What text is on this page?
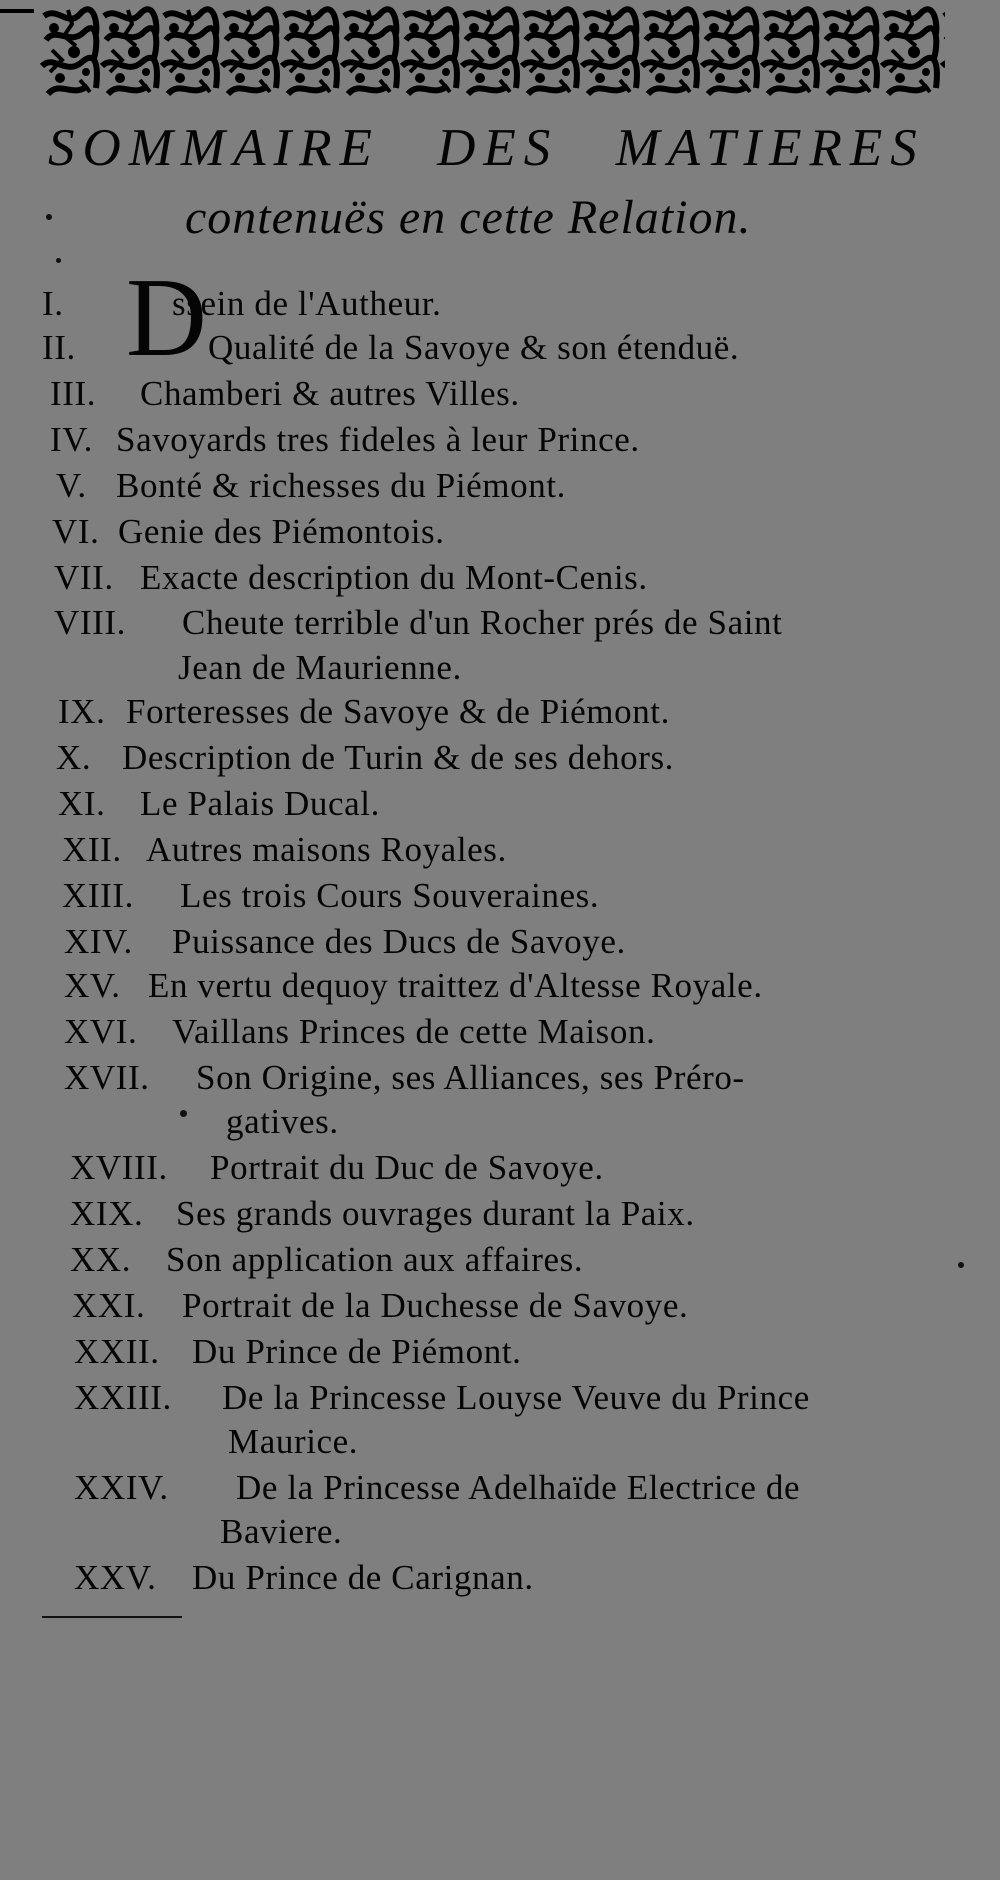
SOMMAIRE DES MATIERES
contenuës en cette Relation.
D
I.	ssein de l'Autheur.
II.	Qualité de la Savoye & son étenduë.
III. Chamberi & autres Villes.
IV. Savoyards tres fideles à leur Prince.
V. Bonté & richesses du Piémont.
VI. Genie des Piémontois.
VII. Exacte description du Mont-Cenis.
VIII. Cheute terrible d'un Rocher prés de Saint
Jean de Maurienne.
IX. Forteresses de Savoye & de Piémont.
X. Description de Turin & de ses dehors.
XI. Le Palais Ducal.
XII. Autres maisons Royales.
XIII. Les trois Cours Souveraines.
XIV. Puissance des Ducs de Savoye.
XV. En vertu dequoy traittez d'Altesse Royale.
XVI. Vaillans Princes de cette Maison.
XVII. Son Origine, ses Alliances, ses Préro-
gatives.
XVIII. Portrait du Duc de Savoye.
XIX. Ses grands ouvrages durant la Paix.
XX. Son application aux affaires.
XXI. Portrait de la Duchesse de Savoye.
XXII. Du Prince de Piémont.
XXIII. De la Princesse Louyse Veuve du Prince
Maurice.
XXIV. De la Princesse Adelhaïde Electrice de
Baviere.
XXV. Du Prince de Carignan.
